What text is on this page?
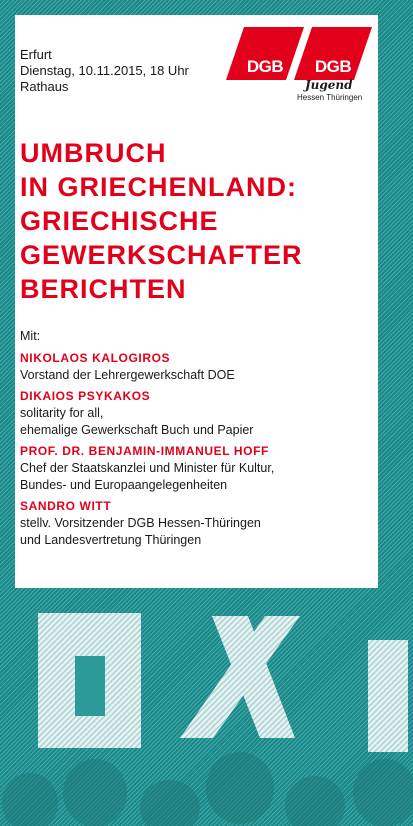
Erfurt
Dienstag, 10.11.2015, 18 Uhr
Rathaus
DGB	DGB
Jugend
Hessen Thüringen
UMBRUCH
IN GRIECHENLAND:
GRIECHISCHE
GEWERKSCHAFTER
BERICHTEN
Mit:
NIKOLAOS KALOGIROS
Vorstand der Lehrergewerkschaft DOE
DIKAIOS PSYKAKOS
solitarity for all,
ehemalige Gewerkschaft Buch und Papier
PROF. DR. BENJAMIN-IMMANUEL HOFF
Chef der Staatskanzlei und Minister für Kultur,
Bundes- und Europaangelegenheiten
SANDRO WITT
stellv. Vorsitzender DGB Hessen-Thüringen
und Landesvertretung Thüringen
OXI
